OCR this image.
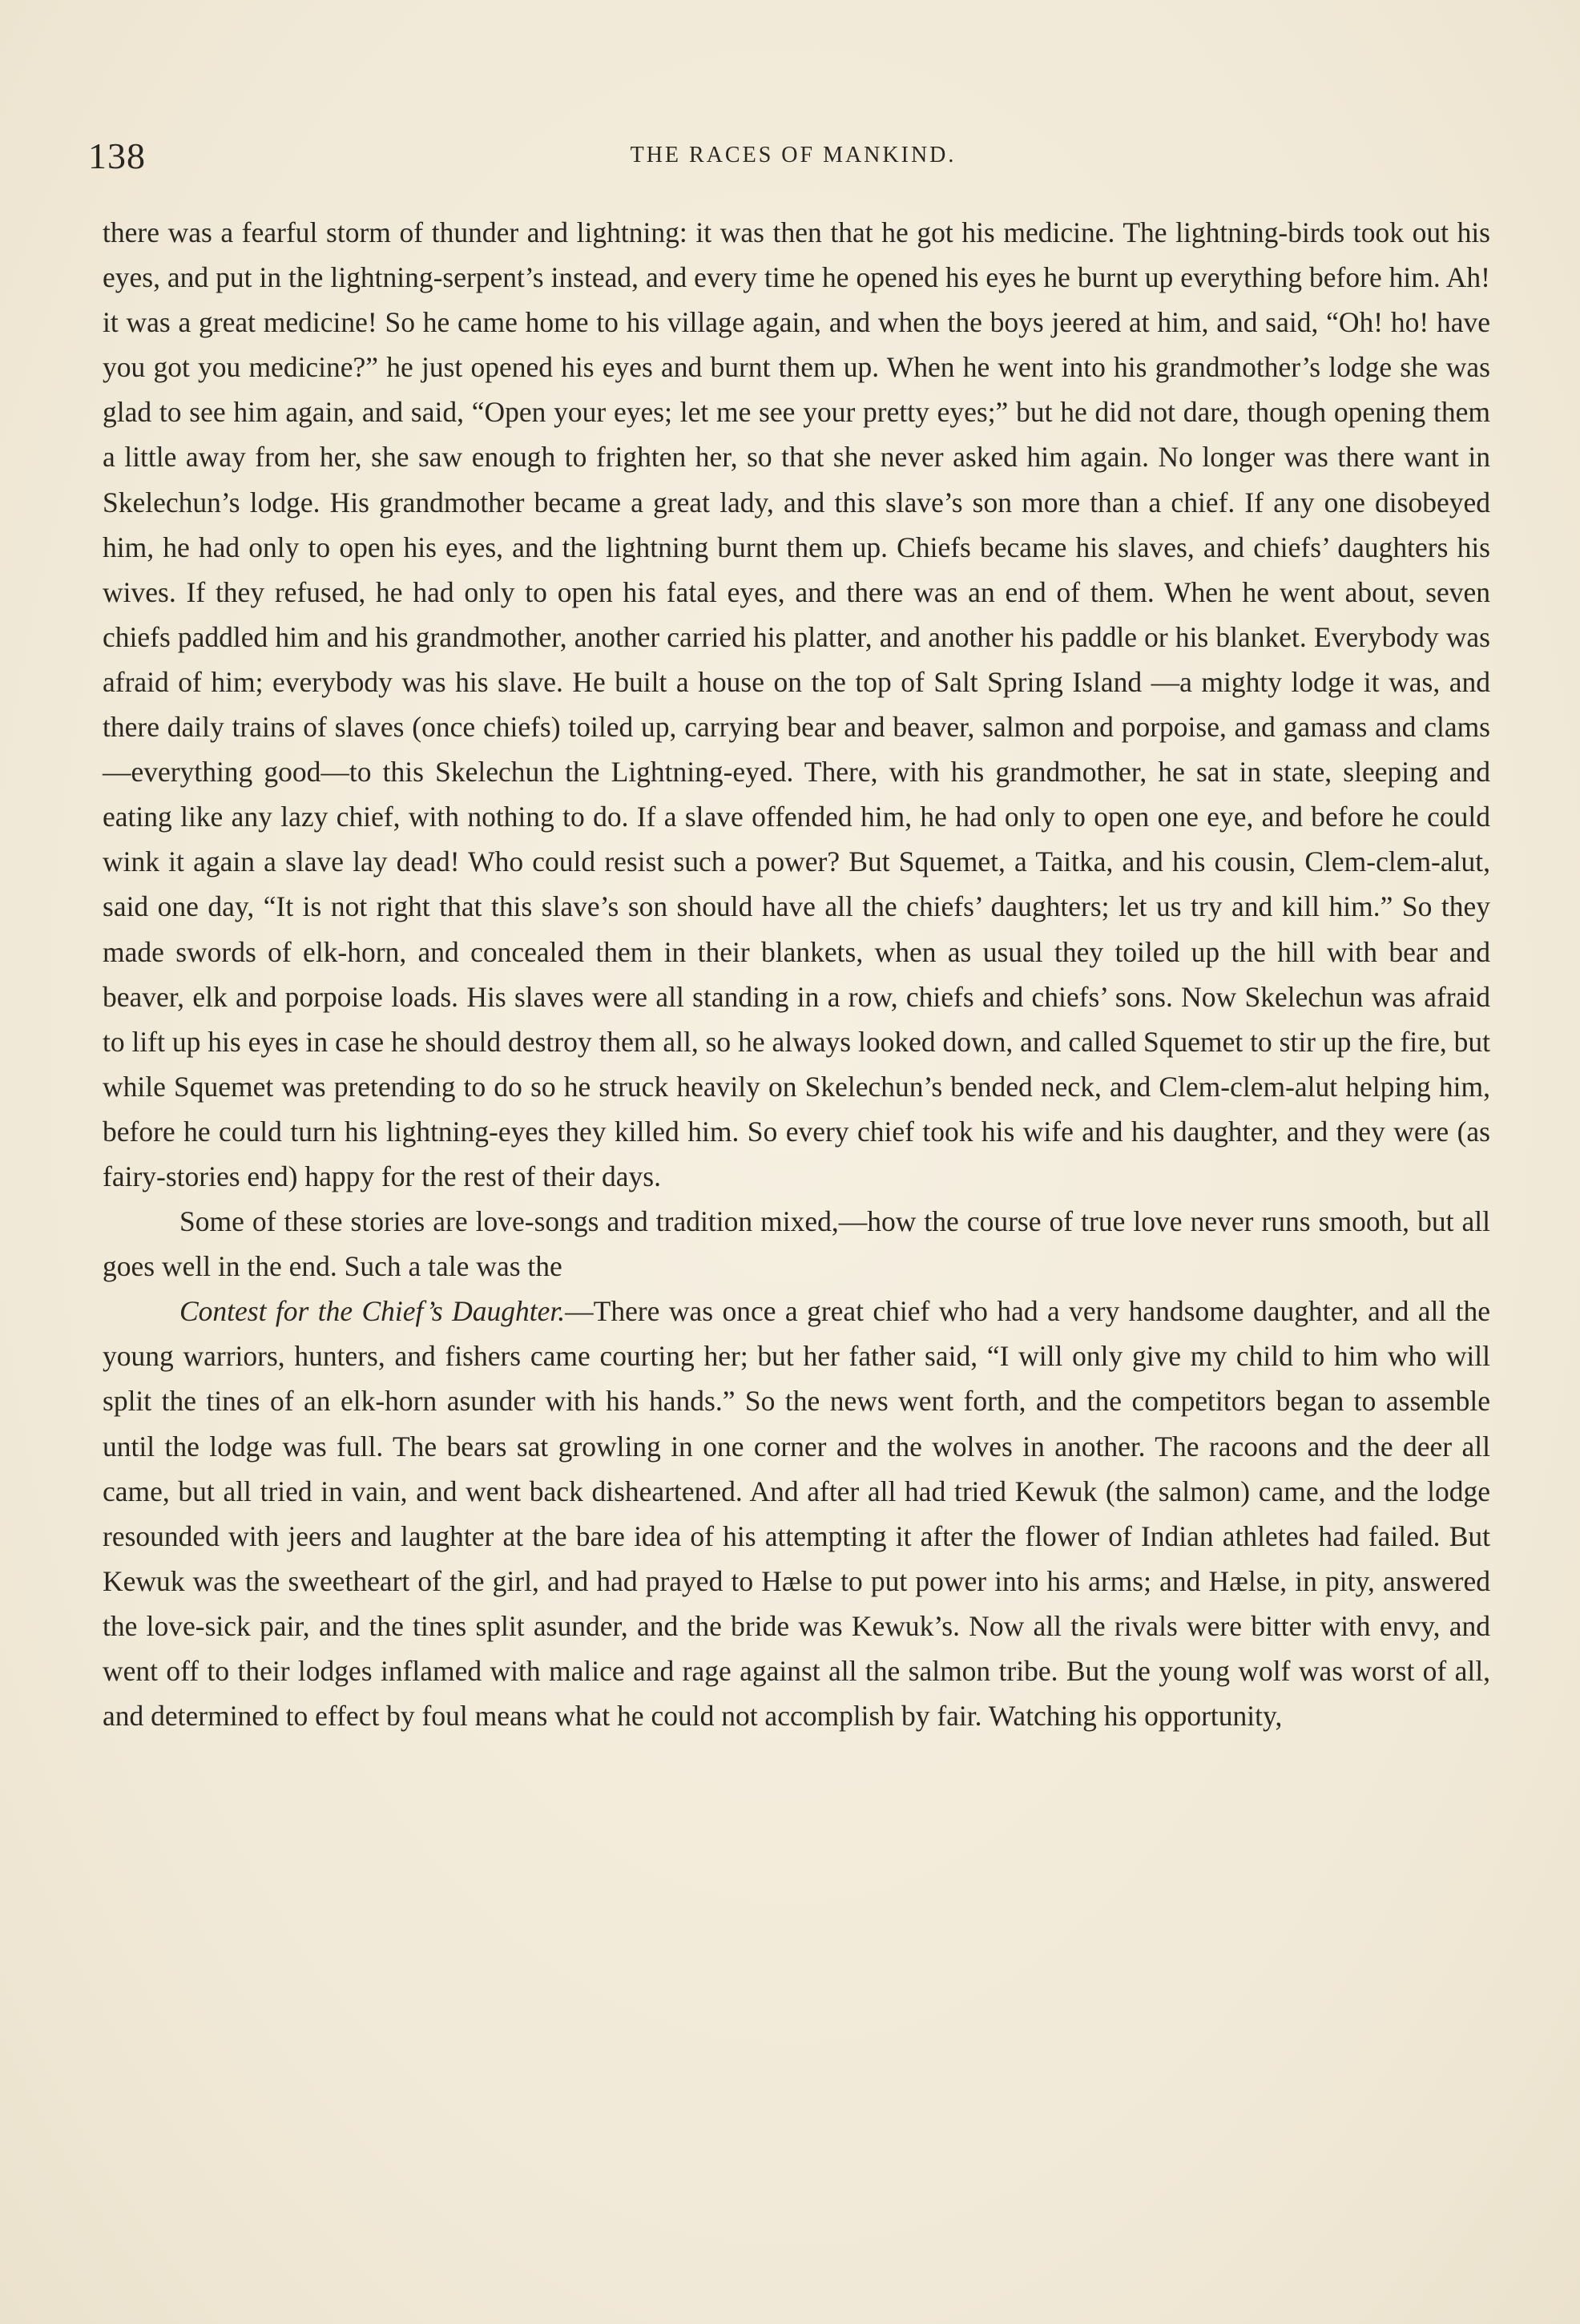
138	THE RACES OF MANKIND.

there was a fearful storm of thunder and lightning: it was then that he got his medicine. The lightning-birds took out his eyes, and put in the lightning-serpent’s instead, and every time he opened his eyes he burnt up everything before him. Ah! it was a great medicine! So he came home to his village again, and when the boys jeered at him, and said, “Oh! ho! have you got you medicine?” he just opened his eyes and burnt them up. When he went into his grandmother’s lodge she was glad to see him again, and said, “Open your eyes; let me see your pretty eyes;” but he did not dare, though opening them a little away from her, she saw enough to frighten her, so that she never asked him again. No longer was there want in Skelechun’s lodge. His grandmother became a great lady, and this slave’s son more than a chief. If any one disobeyed him, he had only to open his eyes, and the lightning burnt them up. Chiefs became his slaves, and chiefs’ daughters his wives. If they refused, he had only to open his fatal eyes, and there was an end of them. When he went about, seven chiefs paddled him and his grandmother, another carried his platter, and another his paddle or his blanket. Everybody was afraid of him; everybody was his slave. He built a house on the top of Salt Spring Island —a mighty lodge it was, and there daily trains of slaves (once chiefs) toiled up, carrying bear and beaver, salmon and porpoise, and gamass and clams—everything good—to this Skelechun the Lightning-eyed. There, with his grandmother, he sat in state, sleeping and eating like any lazy chief, with nothing to do. If a slave offended him, he had only to open one eye, and before he could wink it again a slave lay dead! Who could resist such a power? But Squemet, a Taitka, and his cousin, Clem-clem-alut, said one day, “It is not right that this slave’s son should have all the chiefs’ daughters; let us try and kill him.” So they made swords of elk-horn, and concealed them in their blankets, when as usual they toiled up the hill with bear and beaver, elk and porpoise loads. His slaves were all standing in a row, chiefs and chiefs’ sons. Now Skelechun was afraid to lift up his eyes in case he should destroy them all, so he always looked down, and called Squemet to stir up the fire, but while Squemet was pretending to do so he struck heavily on Skelechun’s bended neck, and Clem-clem-alut helping him, before he could turn his lightning-eyes they killed him. So every chief took his wife and his daughter, and they were (as fairy-stories end) happy for the rest of their days.

Some of these stories are love-songs and tradition mixed,—how the course of true love never runs smooth, but all goes well in the end. Such a tale was the

Contest for the Chief’s Daughter.—There was once a great chief who had a very handsome daughter, and all the young warriors, hunters, and fishers came courting her; but her father said, “I will only give my child to him who will split the tines of an elk-horn asunder with his hands.” So the news went forth, and the competitors began to assemble until the lodge was full. The bears sat growling in one corner and the wolves in another. The racoons and the deer all came, but all tried in vain, and went back disheartened. And after all had tried Kewuk (the salmon) came, and the lodge resounded with jeers and laughter at the bare idea of his attempting it after the flower of Indian athletes had failed. But Kewuk was the sweetheart of the girl, and had prayed to Hælse to put power into his arms; and Hælse, in pity, answered the love-sick pair, and the tines split asunder, and the bride was Kewuk’s. Now all the rivals were bitter with envy, and went off to their lodges inflamed with malice and rage against all the salmon tribe. But the young wolf was worst of all, and determined to effect by foul means what he could not accomplish by fair. Watching his opportunity,
